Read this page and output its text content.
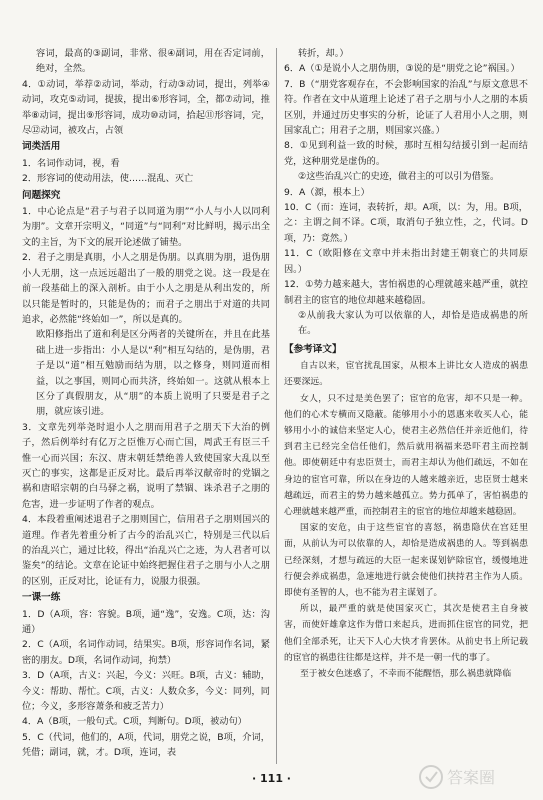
容词，最高的③副词，非常、很④副词，用在否定词前，绝对，全然。
4．①动词，举荐②动词，举动，行动③动词，提出，列举④动词，攻克⑤动词，提拔，提出⑥形容词，全，都⑦动词，推举⑧动词，提出⑨形容词，成功⑩动词，拾起⑪形容词，完，尽⑫动词，被攻占，占领
词类活用
1．名词作动词，视，看
2．形容词的使动用法，使……混乱、灭亡
问题探究
1．中心论点是“君子与君子以同道为朋”“小人与小人以同利为朋”。文章开宗明义，“同道”与“同利”对比鲜明，揭示出全文的主旨，为下文的展开论述做了铺垫。
2．君子之朋是真朋，小人之朋是伪朋。以真朋为朋，退伪朋小人无朋，这一点远远超出了一般的朋党之说。这一段是在前一段基础上的深入剖析。由于小人之朋是从利出发的，所以只能是暂时的，只能是伪的；而君子之朋出于对道的共同追求，必然能“终始如一”，所以是真的。
欧阳修指出了道和利是区分两者的关键所在，并且在此基础上进一步指出：小人是以“利”相互勾结的，是伪朋，君子是以“道”相互勉励而结为朋，以之修身，则同道而相益，以之事国，则同心而共济，终始如一。这就从根本上区分了真假朋友，从“朋”的本质上说明了只要是君子之朋，就应该引进。
3．文章先列举尧时退小人之朋而用君子之朋天下大治的例子，然后例举纣有亿万之臣惟万心而亡国，周武王有臣三千惟一心而兴国；东汉、唐末朝廷禁绝善人致使国家大乱以至灭亡的事实，这都是正反对比。最后再举汉献帝时的党锢之祸和唐昭宗朝的白马驿之祸，说明了禁锢、诛杀君子之朋的危害，进一步证明了作者的观点。
4．本段着重阐述退君子之朋则国亡，信用君子之朋则国兴的道理。作者先着重分析了古今的治乱兴亡，特别是三代以后的治乱兴亡，通过比较，得出“治乱兴亡之迹，为人君者可以鉴矣”的结论。文章在论证中始终把握住君子之朋与小人之朋的区别，正反对比，论证有力，说服力很强。
一课一练
1．D（A项，容：容貌。B项，通“逸”，安逸。C项，达：沟通）
2．C（A项，名词作动词，结果实。B项，形容词作名词，紧密的朋友。D项，名词作动词，拘禁）
3．D（A项，古义：兴起，今义：兴旺。B项，古义：辅助，今义：帮助、帮忙。C项，古义：人数众多，今义：同列，同位；今义，多形容萧条和疲乏苦力）
4．A（B项，一般句式。C项，判断句。D项，被动句）
5．C（代词，他们的，A项，代词，朋党之说，B项，介词，凭借；副词，就，才。D项，连词，表
转折，却。）
6．A（①是说小人之朋伪朋，③说的是“朋党之论”祸国。）
7．B（“朋党客观存在，不会影响国家的治乱”与原文意思不符。作者在文中从道理上论述了君子之朋与小人之朋的本质区别，并通过历史事实的分析，论证了人君用小人之朋，则国家乱亡；用君子之朋，则国家兴盛。）
8．①见到利益一致的时候，那时互相勾结援引到一起而结党，这种朋党是虚伪的。
②这些治乱兴亡的史迹，做君主的可以引为借鉴。
9．A（源，根本上）
10．C（而：连词，表转折，却。A项，以：为，用。B项，之：主谓之间不译。C项，取消句子独立性，之，代词。D项，乃：竟然。）
11．C（欧阳修在文章中并未指出封建王朝衰亡的共同原因。）
12．①势力越来越大，害怕祸患的心理就越来越严重，就控制君主的宦官的地位却越来越稳固。
②从前我大家认为可以依靠的人，却恰是造成祸患的所在。
【参考译文】
自古以来，宦官扰乱国家，从根本上讲比女人造成的祸患还要深远。
女人，只不过是美色罢了；宦官的危害，却不只是一种。他们的心术专横而又隐蔽。能够用小小的恩惠来收买人心，能够用小小的诚信来坚定人心，使君主必然信任并亲近他们，待到君主已经完全信任他们，然后就用祸福来恐吓君主而控制他。即使朝廷中有忠臣贤士，而君主却认为他们疏远，不如在身边的宦官可靠，所以在身边的人越来越亲近，忠臣贤士越来越疏远，而君主的势力越来越孤立。势力孤单了，害怕祸患的心理就越来越严重，而控制君主的宦官的地位却越来越稳固。
国家的安危，由于这些宦官的喜怒，祸患隐伏在宫廷里面，从前认为可以依靠的人，却恰是造成祸患的人。等到祸患已经深刻，才想与疏远的大臣一起来谋划铲除宦官，缓慢地进行便会养成祸患，急速地进行就会使他们挟持君主作为人质。即使有圣智的人，也不能为君主谋划了。
所以，最严重的就是使国家灭亡，其次是使君主自身被害，而使奸雄拿这作为借口来起兵，进而抓住宦官的同党，把他们全部杀死，让天下人心大快才肯罢休。从前史书上所记载的宦官的祸患往往都是这样，并不是一朝一代的事了。
至于被女色迷惑了，不幸而不能醒悟，那么祸患就降临
· 111 ·	答案圈
